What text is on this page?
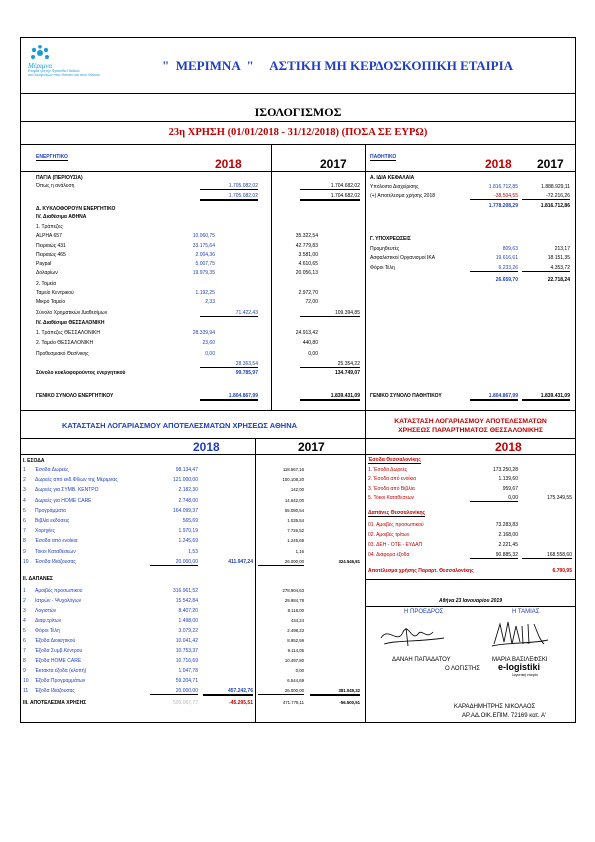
Μέριμνα
Εταιρία για την Φροντίδα Παιδιών
και Οικογενειών στον Θάνατο και στον Θάνατο
"  ΜΕΡΙΜΝΑ  "     ΑΣΤΙΚΗ ΜΗ ΚΕΡΔΟΣΚΟΠΙΚΗ ΕΤΑΙΡΙΑ
ΙΣΟΛΟΓΙΣΜΟΣ
23η ΧΡΗΣΗ (01/01/2018 - 31/12/2018) (ΠΟΣΑ ΣΕ ΕΥΡΩ)
ΕΝΕΡΓΗΤΙΚΟ	2018	2017	ΠΑΘΗΤΙΚΟ	2018 2017
ΠΑΓΙΑ (ΠΕΡΙΟΥΣΙΑ)
Όπως η ανάλυση	1.705.082,02	1.704.682,02
1.705.082,02	1.704.682,02
Δ. ΚΥΚΛΟΦΟΡΟΥΝ ΕΝΕΡΓΗΤΙΚΟ
IV. Διαθέσιμα ΑΘΗΝΑ
1. Τράπεζες
ALPHA 657	10.060,75	35.322,54
Πειραιώς 431	33.175,64	42.779,83
Πειραιώς 465	2.004,36	3.581,00
Paypal	5.007,75	4.610,65
Δολαρίων	19.979,35	20.056,13
2. Ταμεία
Ταμείο Κεντρικού	1.192,25	2.972,70
Μικρό Ταμείο	2,33	72,00
Σύνολο Χρηματικών Διαθεσίμων	71.422,43	109.394,85
IV. Διαθέσιμα ΘΕΣΣΑΛΟΝΙΚΗ
1. Τράπεζες ΘΕΣΣΑΛΟΝΙΚΗ	28.339,94	24.913,42
2. Ταμείο ΘΕΣΣΑΛΟΝΙΚΗ	23,60	440,80
Προθεσμιακό Θεσ/νικης	0,00	0,00
28.363,54	25.354,22
Σύνολο κυκλοφορούντος ενεργητικού	99.785,97	134.749,07
ΓΕΝΙΚΟ ΣΥΝΟΛΟ ΕΝΕΡΓΗΤΙΚΟΥ	1.804.867,99	1.839.431,09
Α. ΙΔΙΑ ΚΕΦΑΛΑΙΑ
Υπόλοιπο Διαχείρισης	1.816.712,85	1.888.929,11
(+) Αποτέλεσμα χρήσης 2018	-38.504,55	-72.216,26
1.778.208,29	1.816.712,86
Γ. ΥΠΟΧΡΕΩΣΕΙΣ
Προμηθευτές	809,63	213,17
Ασφαλιστικοί Οργανισμοί ΙΚΑ	19.616,61	18.151,35
Φόροι Τέλη	6.233,26	4.353,72
26.659,70	22.718,24
ΓΕΝΙΚΟ ΣΥΝΟΛΟ ΠΑΘΗΤΙΚΟΥ	1.804.867,99	1.839.431,09
ΚΑΤΑΣΤΑΣΗ ΛΟΓΑΡΙΑΣΜΟΥ ΑΠΟΤΕΛΕΣΜΑΤΩΝ ΧΡΗΣΕΩΣ ΑΘΗΝΑ
2018	2017
I. ΕΣΟΔΑ
1 Έσοδα Δωρεές	98.134,47	118.567,16
2 Δωρεές από εκδ.Φίλων της Μέριμνας	121.000,00	100.108,20
3 Δωρεές για ΣΥΜΒ. ΚΕΝΤΡΟ	2.182,30	142,00
4 Δωρεές για HOME CARE	2.748,00	14.642,00
5 Προγράμματα	164.099,37	55.080,54
6 Βιβλία εκδόσεις	565,69	1.035,54
7 Χορηγίες	1.970,19	7.726,52
8 Έσοδα από ενοίκια	1.245,69	1.245,69
9 Τόκοι Καταθέσεων	1,53	1,16
10 Έσοδα Ιδιάζουσας	20.000,00	26.000,00
411.947,24	324.546,81
II. ΔΑΠΑΝΕΣ
1 Αμοιβές προσωπικού	316.961,52	278.904,63
2 Ιατρών - Ψυχολόγων	15.542,84	29.984,78
3 Λογιστών	8.407,20	8.118,00
4 Διαφ.τρίτων	1.498,00	434,24
5 Φόροι Τέλη	3.079,22	2.498,23
6 Έξοδα Διοικητικού	10.041,42	8.952,59
7 Έξοδα Συμβ.Κέντρου	10.753,37	9.114,05
8 Έξοδα HOME CARE	10.716,69	10.497,80
9 Έκτακτα έξοδα (κλοπή)	1.047,78	0,00
10 Έξοδα Προγραμμάτων	59.204,71	6.544,69
11 Έξοδα Ιδιάζουσας	20.000,00	26.000,00
457.242,76	381.049,32
III. ΑΠΟΤΕΛΕΣΜΑ ΧΡΗΣΗΣ	505.067,77	-45.295,51	471.778,11	-56.500,51
ΚΑΤΑΣΤΑΣΗ ΛΟΓΑΡΙΑΣΜΟΥ ΑΠΟΤΕΛΕΣΜΑΤΩΝ
ΧΡΗΣΕΩΣ ΠΑΡΑΡΤΗΜΑΤΟΣ ΘΕΣΣΑΛΟΝΙΚΗΣ
Έσοδα Θεσσαλονίκης
2018
1. Έσοδα Δωρεές	173.250,28
2. Έσοδα από ενοίκια	1.139,60
3. Έσοδα από Βιβλία	959,67
5. Τόκοι Καταθέσεων	0,00	175.349,55
Δαπάνες Θεσσαλονίκης
01. Αμοιβές προσωπικού	73.283,83
02. Αμοιβές τρίτων	2.168,00
03. ΔΕΗ - ΟΤΕ - ΕΥΔΑΠ	2.221,45
04. Διάφορα έξοδα	90.885,32	168.558,60
Αποτέλεσμα χρήσης Παραρτ. Θεσσαλονίκης	6.790,95
Αθήνα 23 Ιανουαρίου 2019
Η ΠΡΟΕΔΡΟΣ	Η ΤΑΜΙΑΣ
ΔΑΝΑΗ ΠΑΠΑΔΑΤΟΥ	ΜΑΡΙΑ ΒΑΣΙΛΕΦΣΚΙ
Ο ΛΟΓΙΣΤΗΣ e-logistiki
λογιστική εταιρία
ΚΑΡΑΔΗΜΗΤΡΗΣ ΝΙΚΟΛΑΟΣ
ΑΡ.ΑΔ.ΟΙΚ.ΕΠΙΜ. 72169 κατ. Α'
